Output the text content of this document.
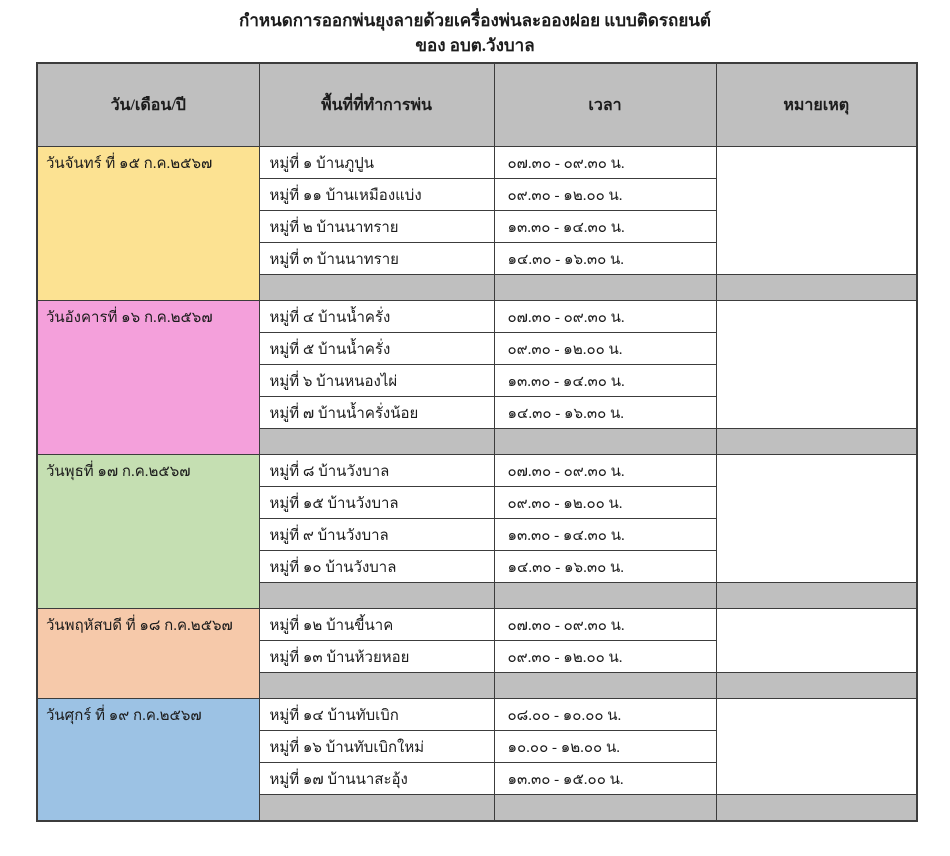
กำหนดการออกพ่นยุงลายด้วยเครื่องพ่นละอองฝอย แบบติดรถยนต์
ของ อบต.วังบาล
วัน/เดือน/ปี	พื้นที่ที่ทำการพ่น	เวลา	หมายเหตุ
วันจันทร์ ที่ ๑๕ ก.ค.๒๕๖๗	หมู่ที่ ๑ บ้านภูปูน	๐๗.๓๐ - ๐๙.๓๐ น.	
	หมู่ที่ ๑๑ บ้านเหมืองแบ่ง	๐๙.๓๐ - ๑๒.๐๐ น.	
	หมู่ที่ ๒ บ้านนาทราย	๑๓.๓๐ - ๑๔.๓๐ น.	
	หมู่ที่ ๓ บ้านนาทราย	๑๔.๓๐ - ๑๖.๓๐ น.	

วันอังคารที่ ๑๖ ก.ค.๒๕๖๗	หมู่ที่ ๔ บ้านน้ำครั่ง	๐๗.๓๐ - ๐๙.๓๐ น.	
	หมู่ที่ ๕ บ้านน้ำครั่ง	๐๙.๓๐ - ๑๒.๐๐ น.	
	หมู่ที่ ๖ บ้านหนองไผ่	๑๓.๓๐ - ๑๔.๓๐ น.	
	หมู่ที่ ๗ บ้านน้ำครั่งน้อย	๑๔.๓๐ - ๑๖.๓๐ น.	

วันพุธที่ ๑๗ ก.ค.๒๕๖๗	หมู่ที่ ๘ บ้านวังบาล	๐๗.๓๐ - ๐๙.๓๐ น.	
	หมู่ที่ ๑๕ บ้านวังบาล	๐๙.๓๐ - ๑๒.๐๐ น.	
	หมู่ที่ ๙ บ้านวังบาล	๑๓.๓๐ - ๑๔.๓๐ น.	
	หมู่ที่ ๑๐ บ้านวังบาล	๑๔.๓๐ - ๑๖.๓๐ น.	

วันพฤหัสบดี ที่ ๑๘ ก.ค.๒๕๖๗	หมู่ที่ ๑๒ บ้านขี้นาค	๐๗.๓๐ - ๐๙.๓๐ น.	
	หมู่ที่ ๑๓ บ้านห้วยหอย	๐๙.๓๐ - ๑๒.๐๐ น.	

วันศุกร์ ที่ ๑๙ ก.ค.๒๕๖๗	หมู่ที่ ๑๔ บ้านทับเบิก	๐๘.๐๐ - ๑๐.๐๐ น.	
	หมู่ที่ ๑๖ บ้านทับเบิกใหม่	๑๐.๐๐ - ๑๒.๐๐ น.	
	หมู่ที่ ๑๗ บ้านนาสะอุ้ง	๑๓.๓๐ - ๑๕.๐๐ น.	
